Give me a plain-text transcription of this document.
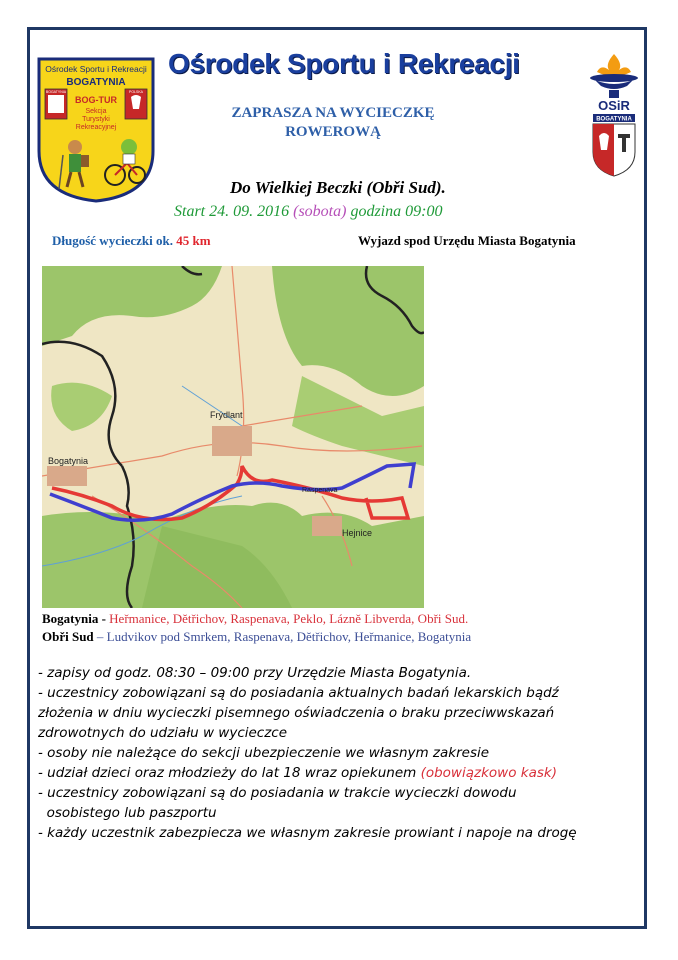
Ośrodek Sportu i Rekreacji
BOGATYNIA
BOG-TUR
Sekcja
Turystyki
Rekreacyjnej
BOGATYNIA	POLSKA
Ośrodek Sportu i Rekreacji
OSiR
BOGATYNIA
ZAPRASZA NA WYCIECZKĘ
ROWEROWĄ
Do Wielkiej Beczki (Obři Sud).
Start 24. 09. 2016 (sobota) godzina 09:00
Długość wycieczki ok. 45 km	Wyjazd spod Urzędu Miasta Bogatynia
Frýdlant
Bogatynia
Hejnice
Raspenava
Bogatynia - Heřmanice, Dĕtřichov, Raspenava, Peklo, Lázně Libverda, Obři Sud.
Obři Sud – Ludvikov pod Smrkem, Raspenava, Dĕtřichov, Heřmanice, Bogatynia
- zapisy od godz. 08:30 – 09:00 przy Urzędzie Miasta Bogatynia.
- uczestnicy zobowiązani są do posiadania aktualnych badań lekarskich bądź
złożenia w dniu wycieczki pisemnego oświadczenia o braku przeciwwskazań
zdrowotnych do udziału w wycieczce
- osoby nie należące do sekcji ubezpieczenie we własnym zakresie
- udział dzieci oraz młodzieży do lat 18 wraz opiekunem (obowiązkowo kask)
- uczestnicy zobowiązani są do posiadania w trakcie wycieczki dowodu
osobistego lub paszportu
- każdy uczestnik zabezpiecza we własnym zakresie prowiant i napoje na drogę
